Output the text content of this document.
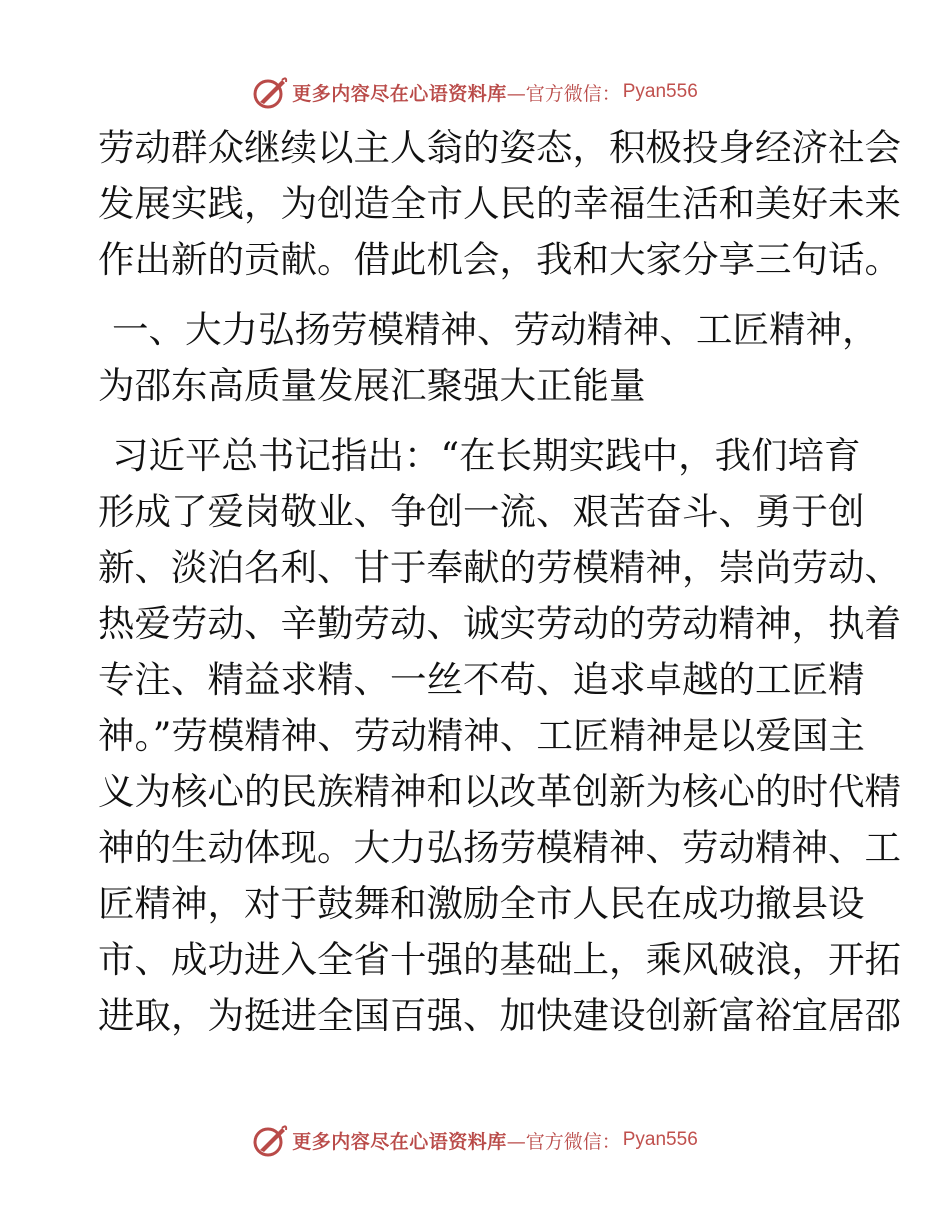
更多内容尽在心语资料库 —官方微信： Pyan556

劳动群众继续以主人翁的姿态，积极投身经济社会
发展实践，为创造全市人民的幸福生活和美好未来
作出新的贡献。借此机会，我和大家分享三句话。

一、大力弘扬劳模精神、劳动精神、工匠精神，
为邵东高质量发展汇聚强大正能量

习近平总书记指出：“在长期实践中，我们培育
形成了爱岗敬业、争创一流、艰苦奋斗、勇于创
新、淡泊名利、甘于奉献的劳模精神，崇尚劳动、
热爱劳动、辛勤劳动、诚实劳动的劳动精神，执着
专注、精益求精、一丝不苟、追求卓越的工匠精
神。”劳模精神、劳动精神、工匠精神是以爱国主
义为核心的民族精神和以改革创新为核心的时代精
神的生动体现。大力弘扬劳模精神、劳动精神、工
匠精神，对于鼓舞和激励全市人民在成功撤县设
市、成功进入全省十强的基础上，乘风破浪，开拓
进取，为挺进全国百强、加快建设创新富裕宜居邵

更多内容尽在心语资料库 —官方微信： Pyan556
